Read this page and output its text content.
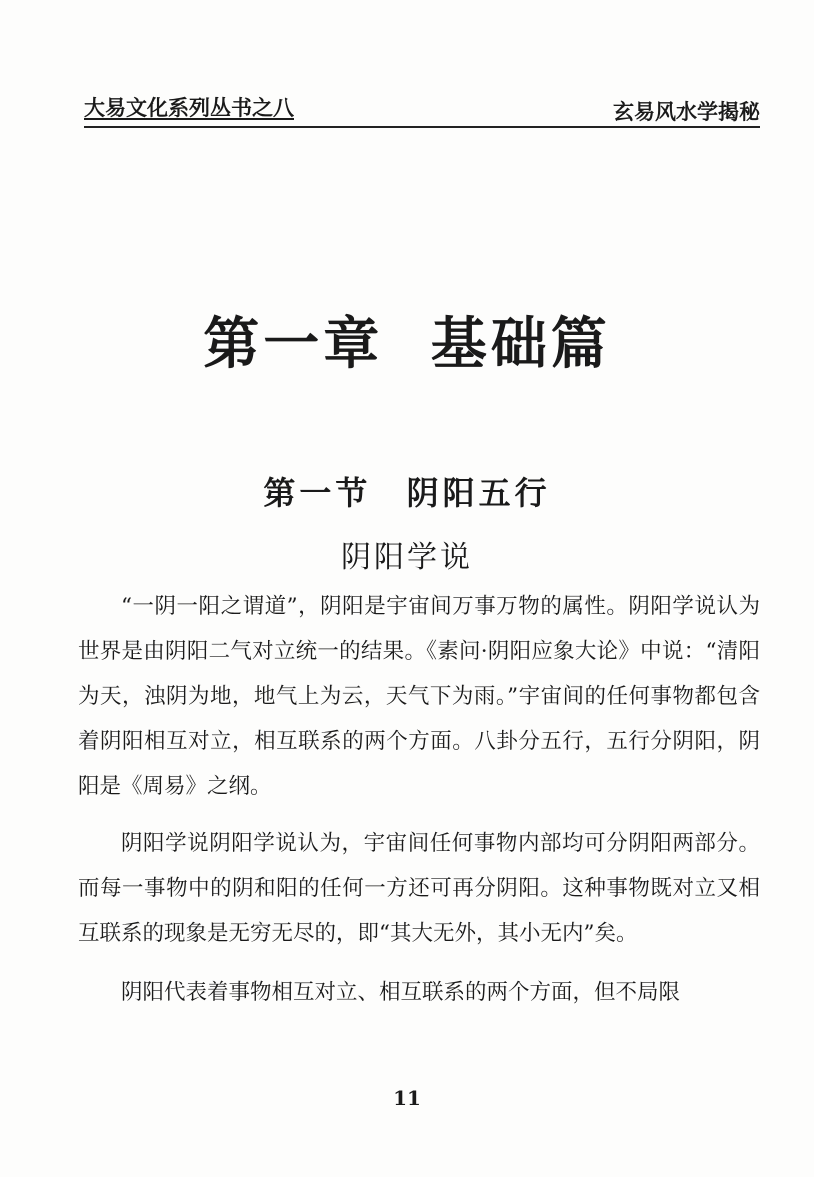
大易文化系列丛书之八	玄易风水学揭秘
第一章 基础篇
第一节 阴阳五行
阴阳学说

“一阴一阳之谓道”，阴阳是宇宙间万事万物的属性。阴阳学说认为世界是由阴阳二气对立统一的结果。《素问·阴阳应象大论》中说：“清阳为天，浊阴为地，地气上为云，天气下为雨。”宇宙间的任何事物都包含着阴阳相互对立，相互联系的两个方面。八卦分五行，五行分阴阳，阴阳是《周易》之纲。

阴阳学说阴阳学说认为，宇宙间任何事物内部均可分阴阳两部分。而每一事物中的阴和阳的任何一方还可再分阴阳。这种事物既对立又相互联系的现象是无穷无尽的，即“其大无外，其小无内”矣。

阴阳代表着事物相互对立、相互联系的两个方面，但不局限

11
